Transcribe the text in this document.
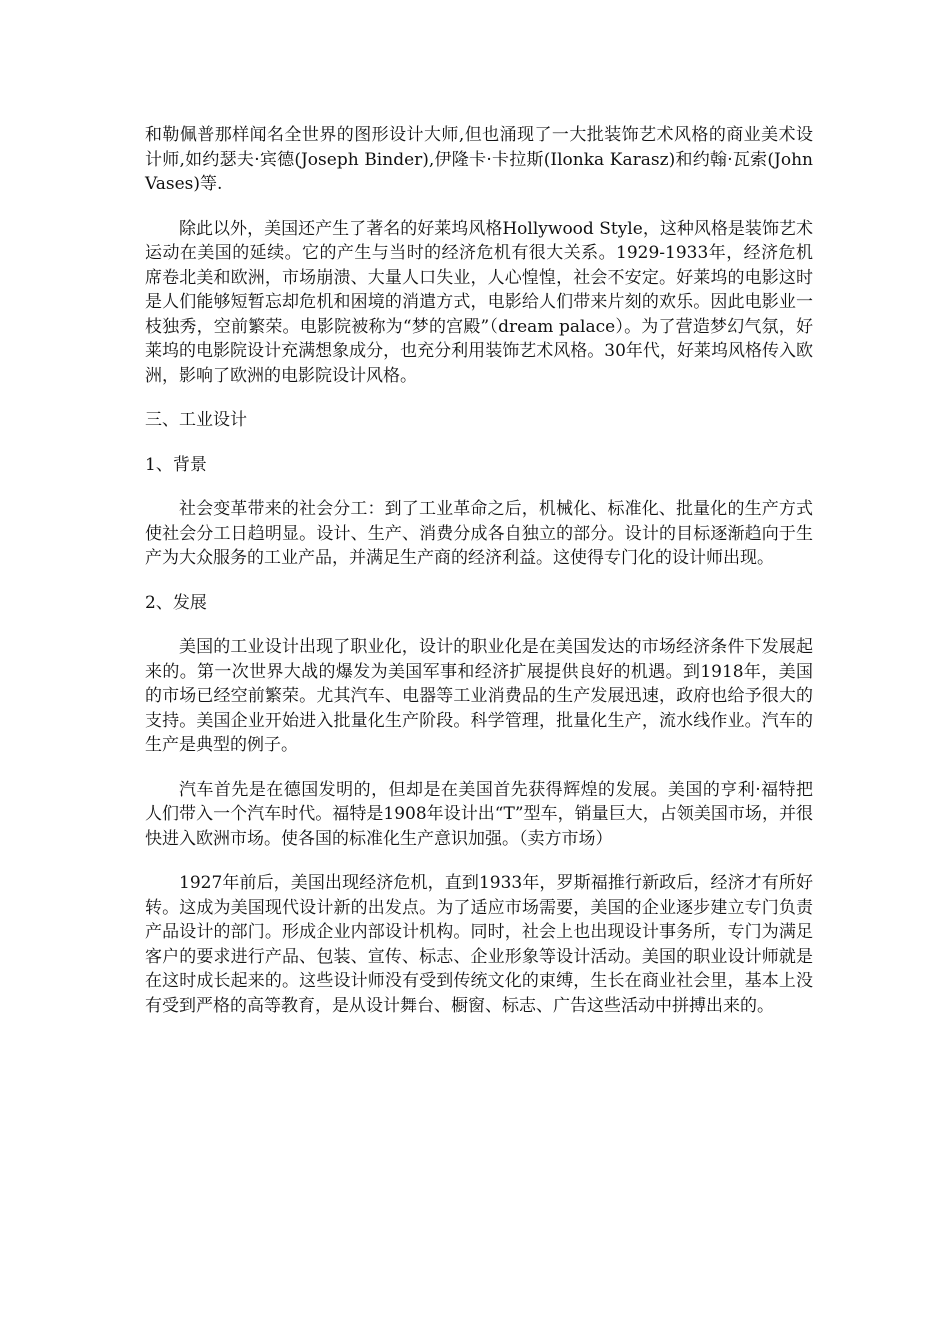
和勒佩普那样闻名全世界的图形设计大师,但也涌现了一大批装饰艺术风格的商业美术设计师,如约瑟夫·宾德(Joseph Binder),伊隆卡·卡拉斯(Ilonka Karasz)和约翰·瓦索(John Vases)等.

除此以外，美国还产生了著名的好莱坞风格Hollywood Style，这种风格是装饰艺术运动在美国的延续。它的产生与当时的经济危机有很大关系。1929-1933年，经济危机席卷北美和欧洲，市场崩溃、大量人口失业，人心惶惶，社会不安定。好莱坞的电影这时是人们能够短暂忘却危机和困境的消遣方式，电影给人们带来片刻的欢乐。因此电影业一枝独秀，空前繁荣。电影院被称为“梦的宫殿”（dream palace）。为了营造梦幻气氛，好莱坞的电影院设计充满想象成分，也充分利用装饰艺术风格。30年代，好莱坞风格传入欧洲，影响了欧洲的电影院设计风格。

三、工业设计

1、背景

社会变革带来的社会分工：到了工业革命之后，机械化、标准化、批量化的生产方式使社会分工日趋明显。设计、生产、消费分成各自独立的部分。设计的目标逐渐趋向于生产为大众服务的工业产品，并满足生产商的经济利益。这使得专门化的设计师出现。

2、发展

美国的工业设计出现了职业化，设计的职业化是在美国发达的市场经济条件下发展起来的。第一次世界大战的爆发为美国军事和经济扩展提供良好的机遇。到1918年，美国的市场已经空前繁荣。尤其汽车、电器等工业消费品的生产发展迅速，政府也给予很大的支持。美国企业开始进入批量化生产阶段。科学管理，批量化生产，流水线作业。汽车的生产是典型的例子。

汽车首先是在德国发明的，但却是在美国首先获得辉煌的发展。美国的亨利·福特把人们带入一个汽车时代。福特是1908年设计出“T”型车，销量巨大，占领美国市场，并很快进入欧洲市场。使各国的标准化生产意识加强。（卖方市场）

1927年前后，美国出现经济危机，直到1933年，罗斯福推行新政后，经济才有所好转。这成为美国现代设计新的出发点。为了适应市场需要，美国的企业逐步建立专门负责产品设计的部门。形成企业内部设计机构。同时，社会上也出现设计事务所，专门为满足客户的要求进行产品、包装、宣传、标志、企业形象等设计活动。美国的职业设计师就是在这时成长起来的。这些设计师没有受到传统文化的束缚，生长在商业社会里，基本上没有受到严格的高等教育，是从设计舞台、橱窗、标志、广告这些活动中拼搏出来的。
